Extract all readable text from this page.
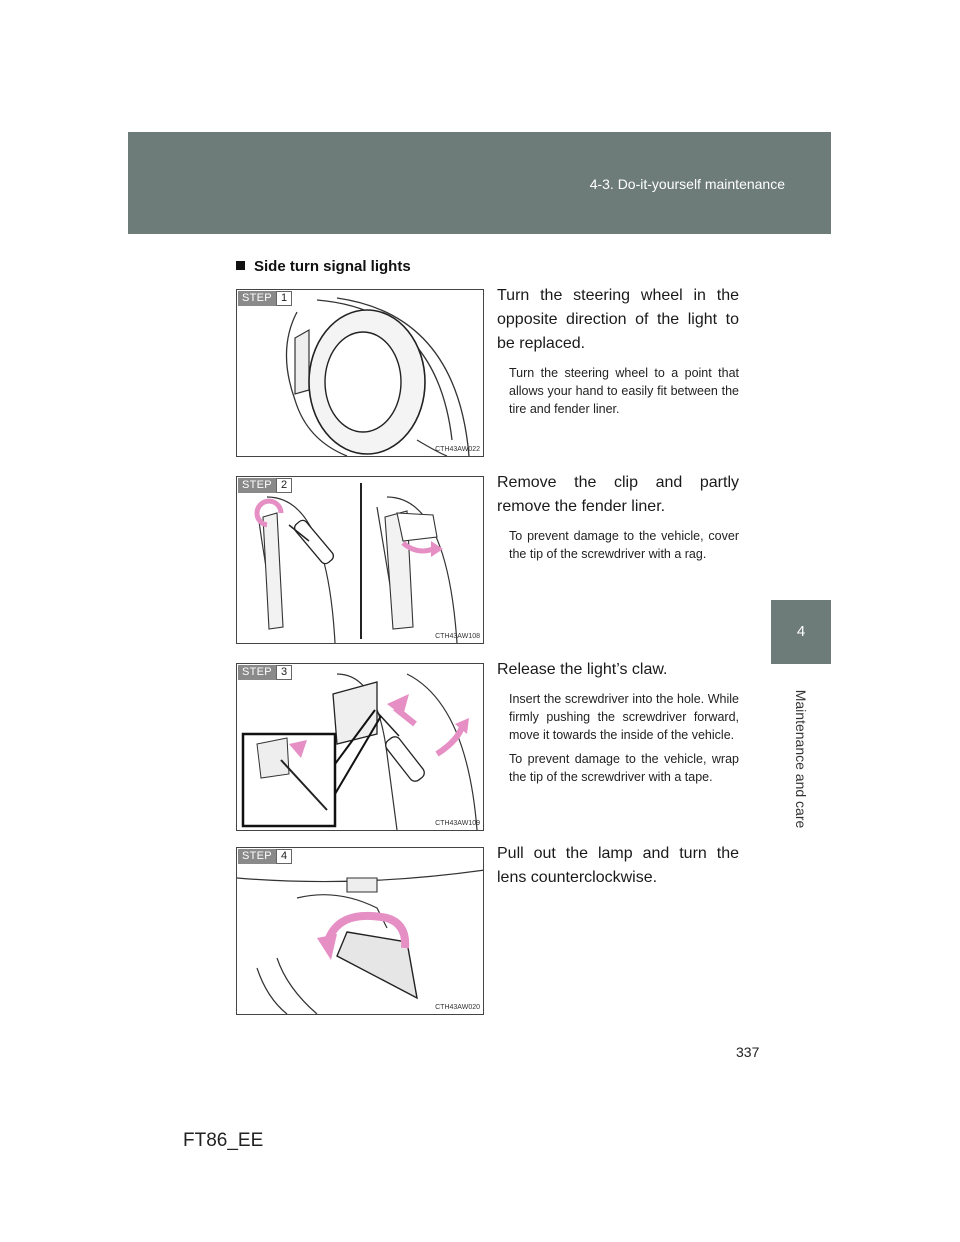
4-3. Do-it-yourself maintenance
4
Maintenance and care
Side turn signal lights
STEP 1
CTH43AW022

Turn the steering wheel in the opposite direction of the light to be replaced.

Turn the steering wheel to a point that allows your hand to easily fit between the tire and fender liner.

STEP 2
CTH43AW108

Remove the clip and partly remove the fender liner.

To prevent damage to the vehicle, cover the tip of the screwdriver with a rag.

STEP 3
CTH43AW109

Release the light’s claw.

Insert the screwdriver into the hole. While firmly pushing the screwdriver forward, move it towards the inside of the vehicle.

To prevent damage to the vehicle, wrap the tip of the screwdriver with a tape.

STEP 4
CTH43AW020

Pull out the lamp and turn the lens counterclockwise.

337
FT86_EE
